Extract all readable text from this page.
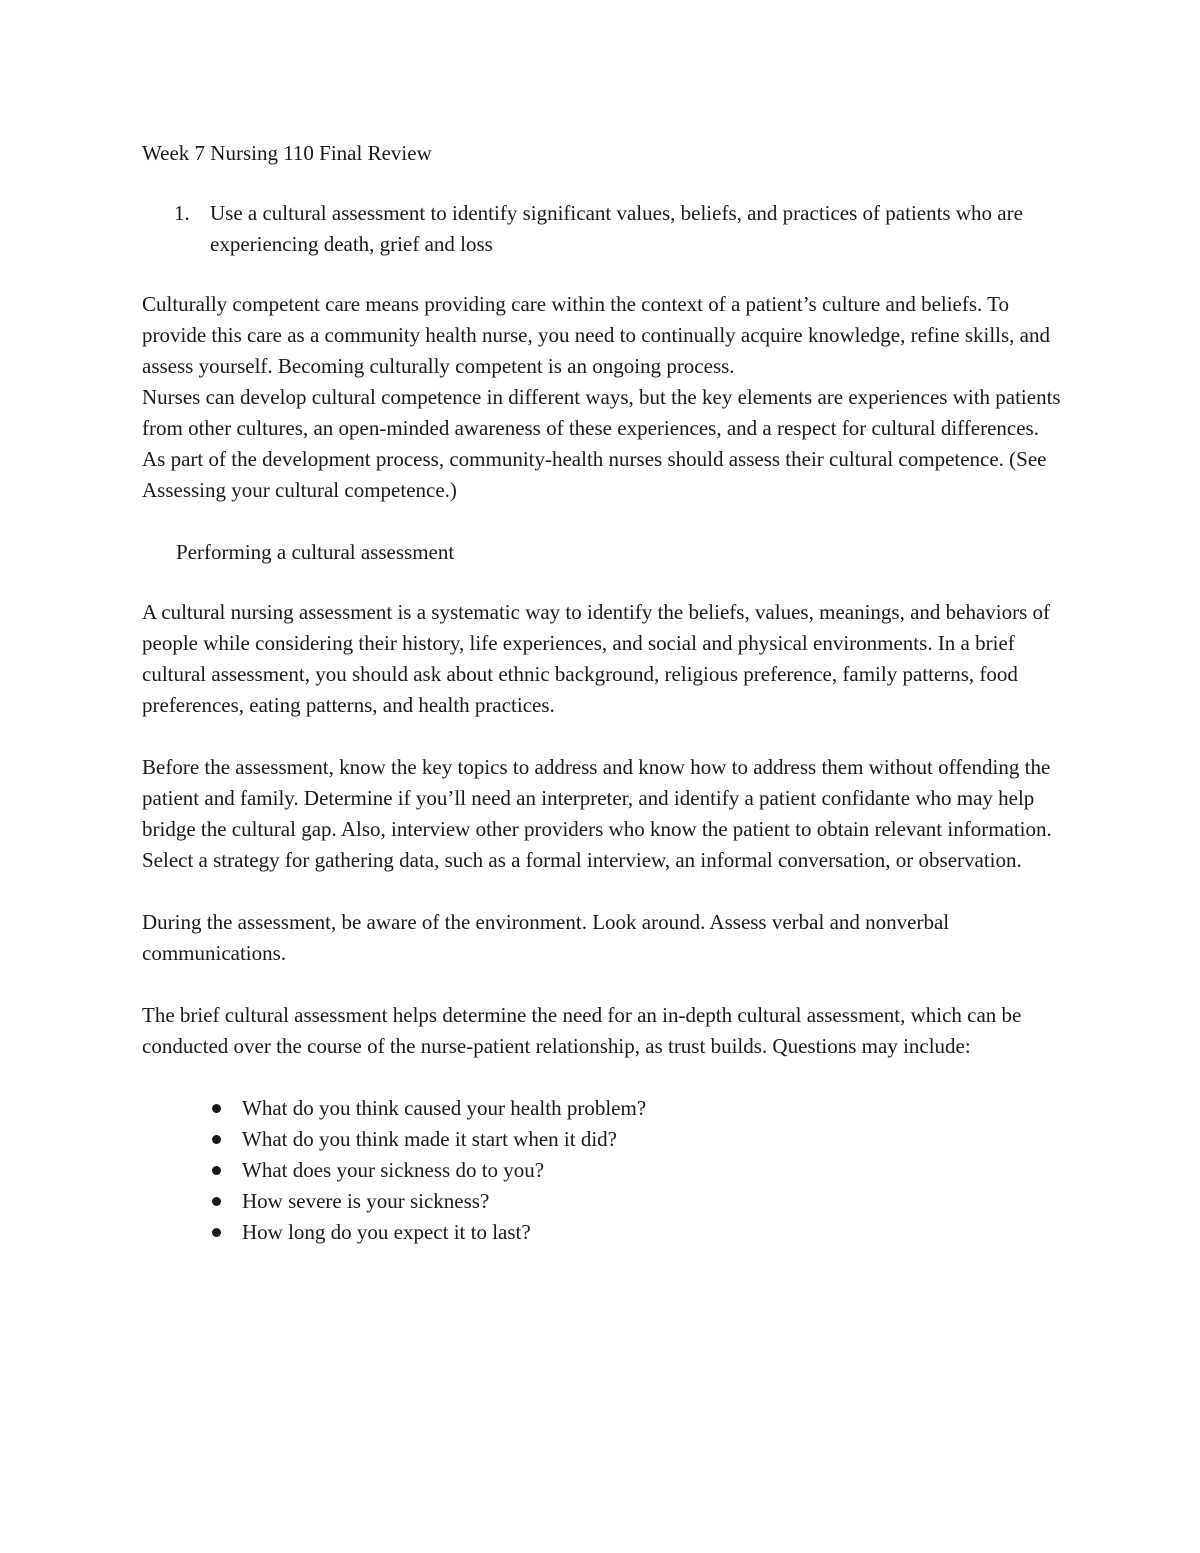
Week 7 Nursing 110 Final Review
1. Use a cultural assessment to identify significant values, beliefs, and practices of patients who are experiencing death, grief and loss

Culturally competent care means providing care within the context of a patient’s culture and beliefs. To provide this care as a community health nurse, you need to continually acquire knowledge, refine skills, and assess yourself. Becoming culturally competent is an ongoing process.

Nurses can develop cultural competence in different ways, but the key elements are experiences with patients from other cultures, an open-minded awareness of these experiences, and a respect for cultural differences. As part of the development process, community-health nurses should assess their cultural competence. (See Assessing your cultural competence.)

Performing a cultural assessment

A cultural nursing assessment is a systematic way to identify the beliefs, values, meanings, and behaviors of people while considering their history, life experiences, and social and physical environments. In a brief cultural assessment, you should ask about ethnic background, religious preference, family patterns, food preferences, eating patterns, and health practices.

Before the assessment, know the key topics to address and know how to address them without offending the patient and family. Determine if you’ll need an interpreter, and identify a patient confidante who may help bridge the cultural gap. Also, interview other providers who know the patient to obtain relevant information. Select a strategy for gathering data, such as a formal interview, an informal conversation, or observation.

During the assessment, be aware of the environment. Look around. Assess verbal and nonverbal communications.

The brief cultural assessment helps determine the need for an in-depth cultural assessment, which can be conducted over the course of the nurse-patient relationship, as trust builds. Questions may include:

What do you think caused your health problem?
What do you think made it start when it did?
What does your sickness do to you?
How severe is your sickness?
How long do you expect it to last?
